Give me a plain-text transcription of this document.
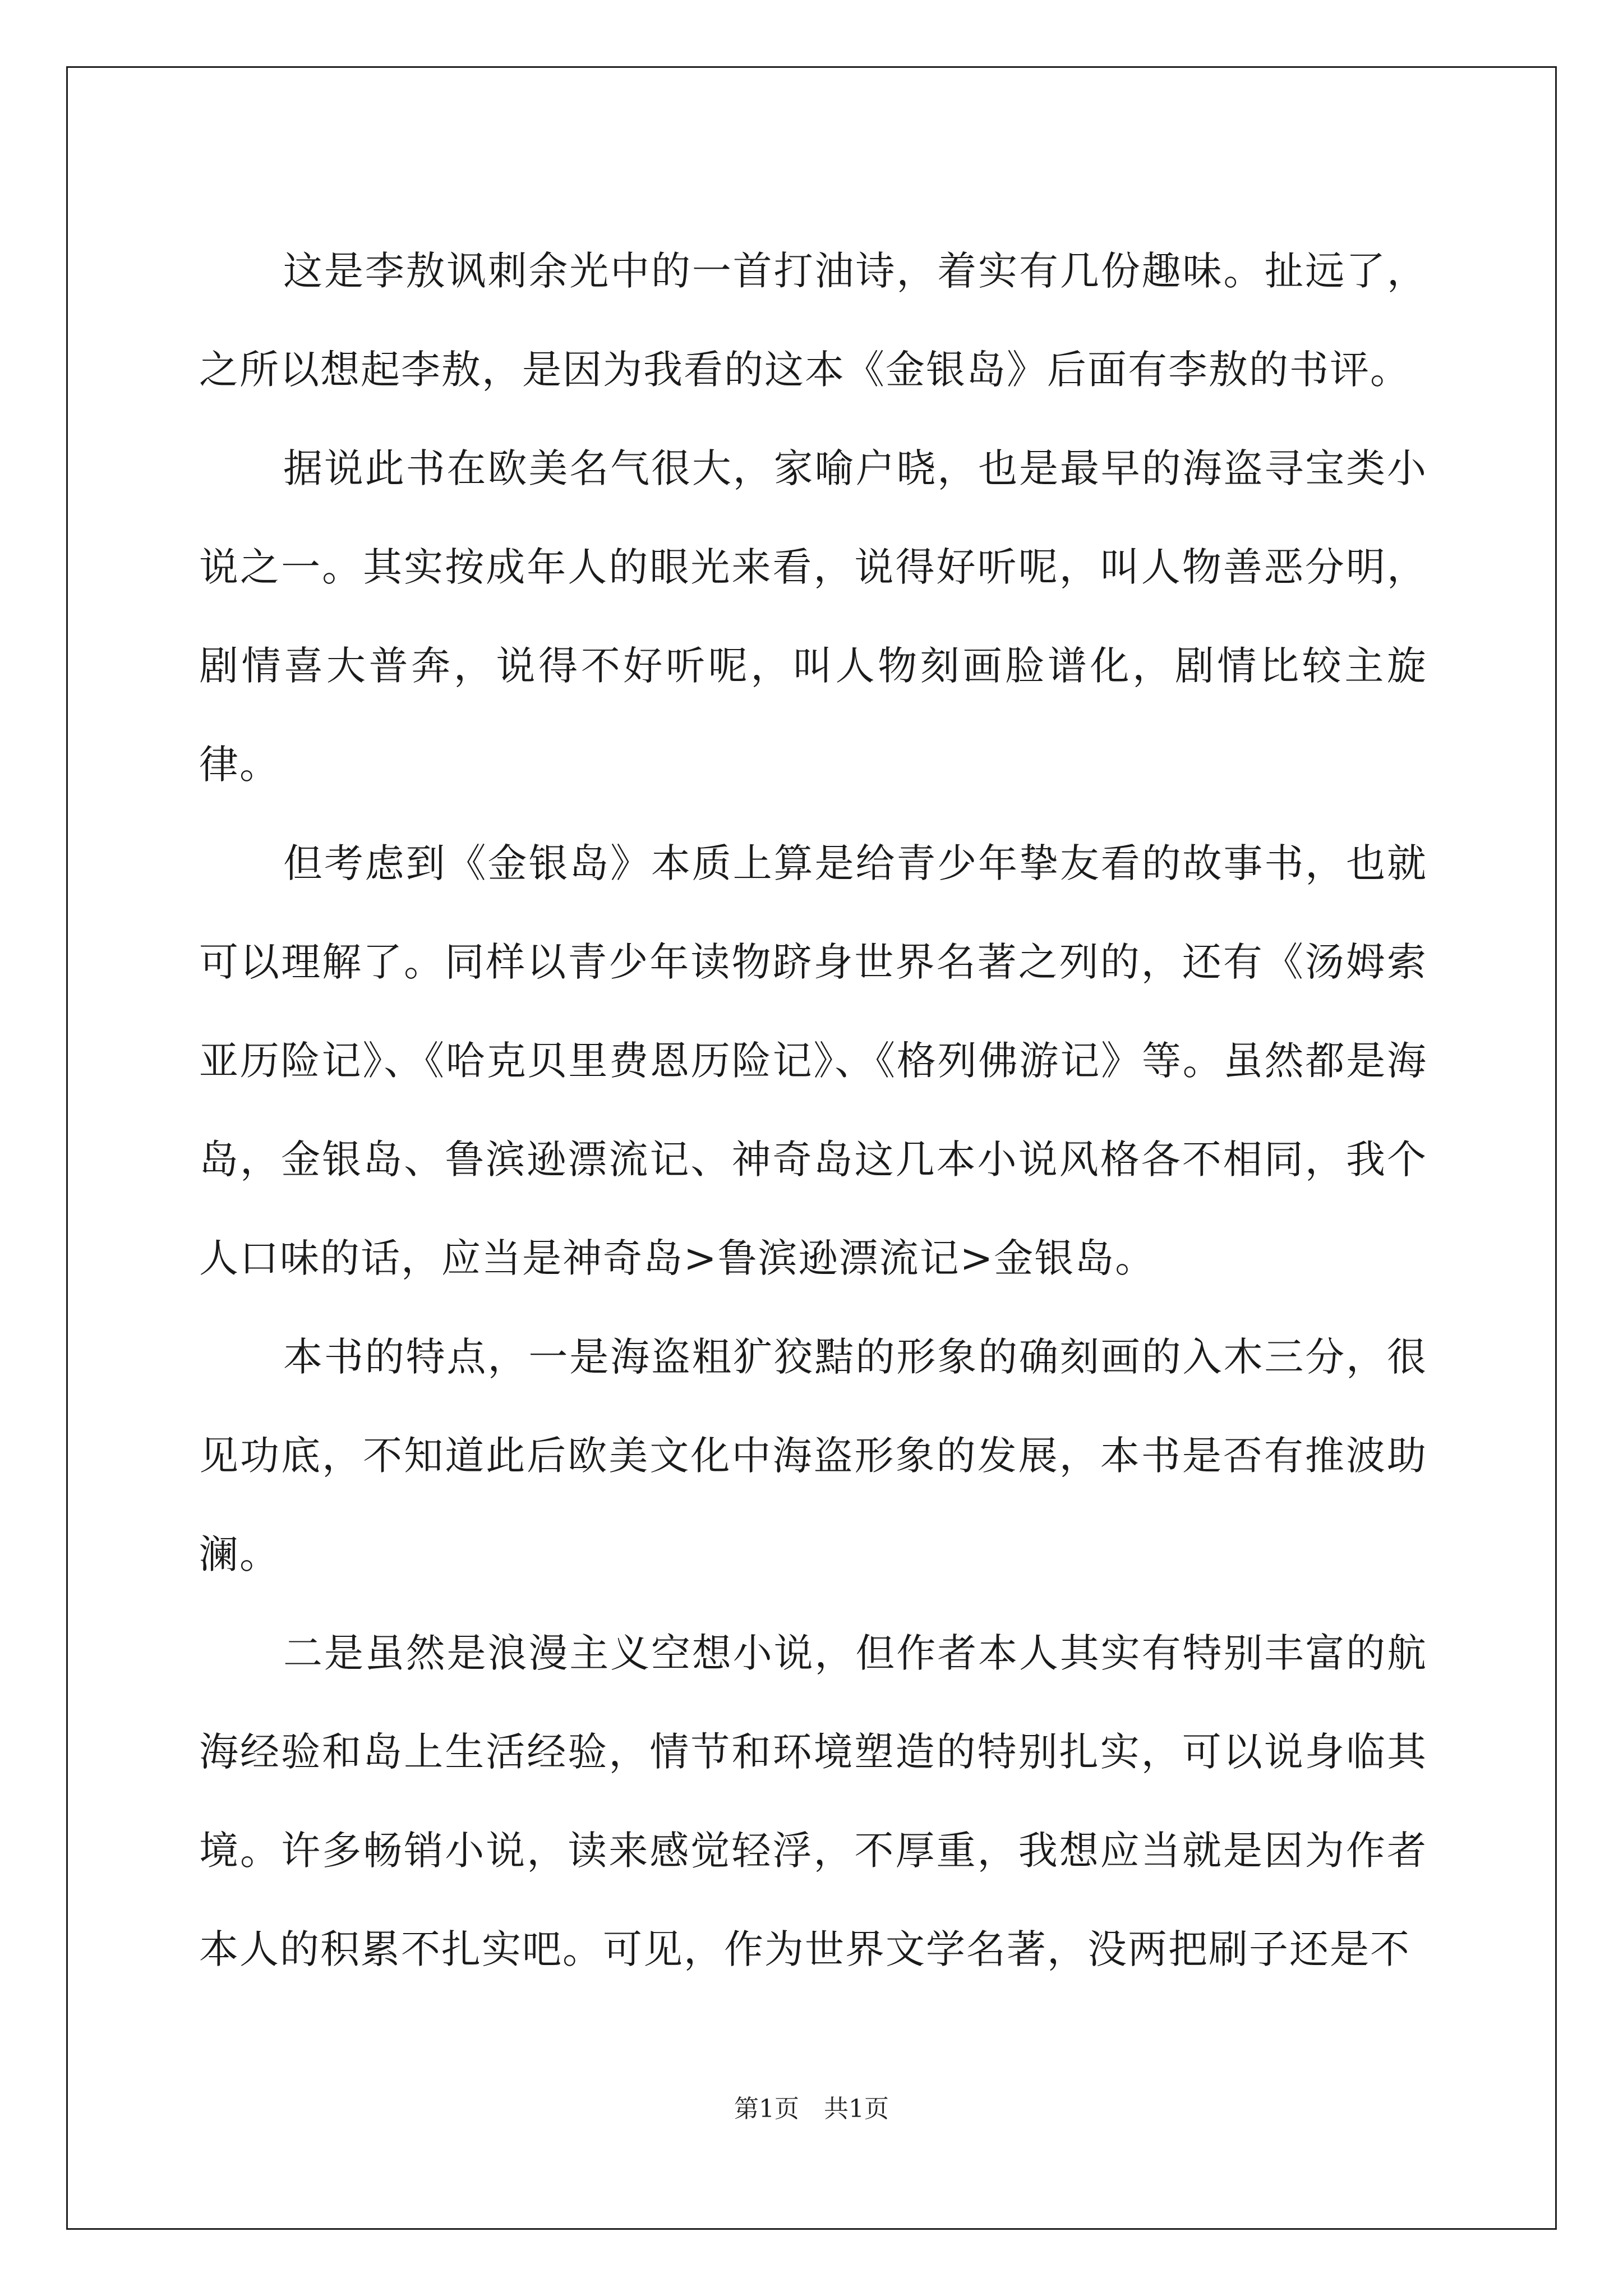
这是李敖讽刺余光中的一首打油诗，着实有几份趣味。扯远了，之所以想起李敖，是因为我看的这本《金银岛》后面有李敖的书评。

据说此书在欧美名气很大，家喻户晓，也是最早的海盗寻宝类小说之一。其实按成年人的眼光来看，说得好听呢，叫人物善恶分明，剧情喜大普奔，说得不好听呢，叫人物刻画脸谱化，剧情比较主旋律。

但考虑到《金银岛》本质上算是给青少年挚友看的故事书，也就可以理解了。同样以青少年读物跻身世界名著之列的，还有《汤姆索亚历险记》、《哈克贝里费恩历险记》、《格列佛游记》等。虽然都是海岛，金银岛、鲁滨逊漂流记、神奇岛这几本小说风格各不相同，我个人口味的话，应当是神奇岛>鲁滨逊漂流记>金银岛。

本书的特点，一是海盗粗犷狡黠的形象的确刻画的入木三分，很见功底，不知道此后欧美文化中海盗形象的发展，本书是否有推波助澜。

二是虽然是浪漫主义空想小说，但作者本人其实有特别丰富的航海经验和岛上生活经验，情节和环境塑造的特别扎实，可以说身临其境。许多畅销小说，读来感觉轻浮，不厚重，我想应当就是因为作者本人的积累不扎实吧。可见，作为世界文学名著，没两把刷子还是不

第1页　共1页
